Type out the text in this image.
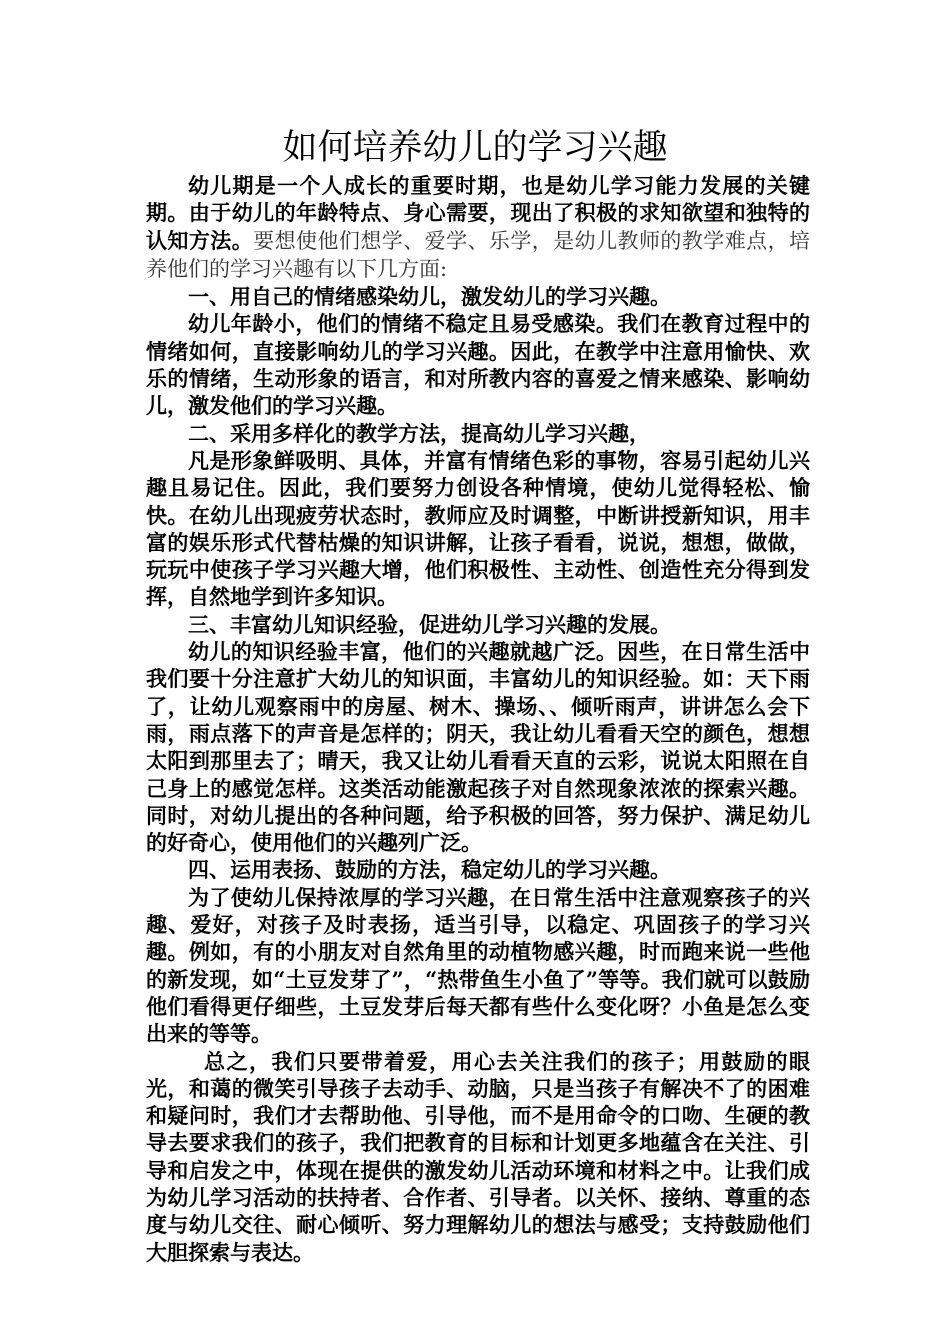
如何培养幼儿的学习兴趣

幼儿期是一个人成长的重要时期，也是幼儿学习能力发展的关键期。由于幼儿的年龄特点、身心需要，现出了积极的求知欲望和独特的认知方法。要想使他们想学、爱学、乐学，是幼儿教师的教学难点，培养他们的学习兴趣有以下几方面:

一、用自己的情绪感染幼儿，激发幼儿的学习兴趣。

幼儿年龄小，他们的情绪不稳定且易受感染。我们在教育过程中的情绪如何，直接影响幼儿的学习兴趣。因此，在教学中注意用愉快、欢乐的情绪，生动形象的语言，和对所教内容的喜爱之情来感染、影响幼儿，激发他们的学习兴趣。

二、采用多样化的教学方法，提高幼儿学习兴趣，

凡是形象鲜吸明、具体，并富有情绪色彩的事物，容易引起幼儿兴趣且易记住。因此，我们要努力创设各种情境，使幼儿觉得轻松、愉快。在幼儿出现疲劳状态时，教师应及时调整，中断讲授新知识，用丰富的娱乐形式代替枯燥的知识讲解，让孩子看看，说说，想想，做做，玩玩中使孩子学习兴趣大增，他们积极性、主动性、创造性充分得到发挥，自然地学到许多知识。

三、丰富幼儿知识经验，促进幼儿学习兴趣的发展。

幼儿的知识经验丰富，他们的兴趣就越广泛。因些，在日常生活中我们要十分注意扩大幼儿的知识面，丰富幼儿的知识经验。如：天下雨了，让幼儿观察雨中的房屋、树木、操场、、倾听雨声，讲讲怎么会下雨，雨点落下的声音是怎样的；阴天，我让幼儿看看天空的颜色，想想太阳到那里去了；晴天，我又让幼儿看看天直的云彩，说说太阳照在自己身上的感觉怎样。这类活动能激起孩子对自然现象浓浓的探索兴趣。同时，对幼儿提出的各种问题，给予积极的回答，努力保护、满足幼儿的好奇心，使用他们的兴趣列广泛。

四、运用表扬、鼓励的方法，稳定幼儿的学习兴趣。

为了使幼儿保持浓厚的学习兴趣，在日常生活中注意观察孩子的兴趣、爱好，对孩子及时表扬，适当引导，以稳定、巩固孩子的学习兴趣。例如，有的小朋友对自然角里的动植物感兴趣，时而跑来说一些他的新发现，如“土豆发芽了”，“热带鱼生小鱼了”等等。我们就可以鼓励他们看得更仔细些，土豆发芽后每天都有些什么变化呀？小鱼是怎么变出来的等等。

总之，我们只要带着爱，用心去关注我们的孩子；用鼓励的眼光，和蔼的微笑引导孩子去动手、动脑，只是当孩子有解决不了的困难和疑问时，我们才去帮助他、引导他，而不是用命令的口吻、生硬的教导去要求我们的孩子，我们把教育的目标和计划更多地蕴含在关注、引导和启发之中，体现在提供的激发幼儿活动环境和材料之中。让我们成为幼儿学习活动的扶持者、合作者、引导者。以关怀、接纳、尊重的态度与幼儿交往、耐心倾听、努力理解幼儿的想法与感受；支持鼓励他们大胆探索与表达。
